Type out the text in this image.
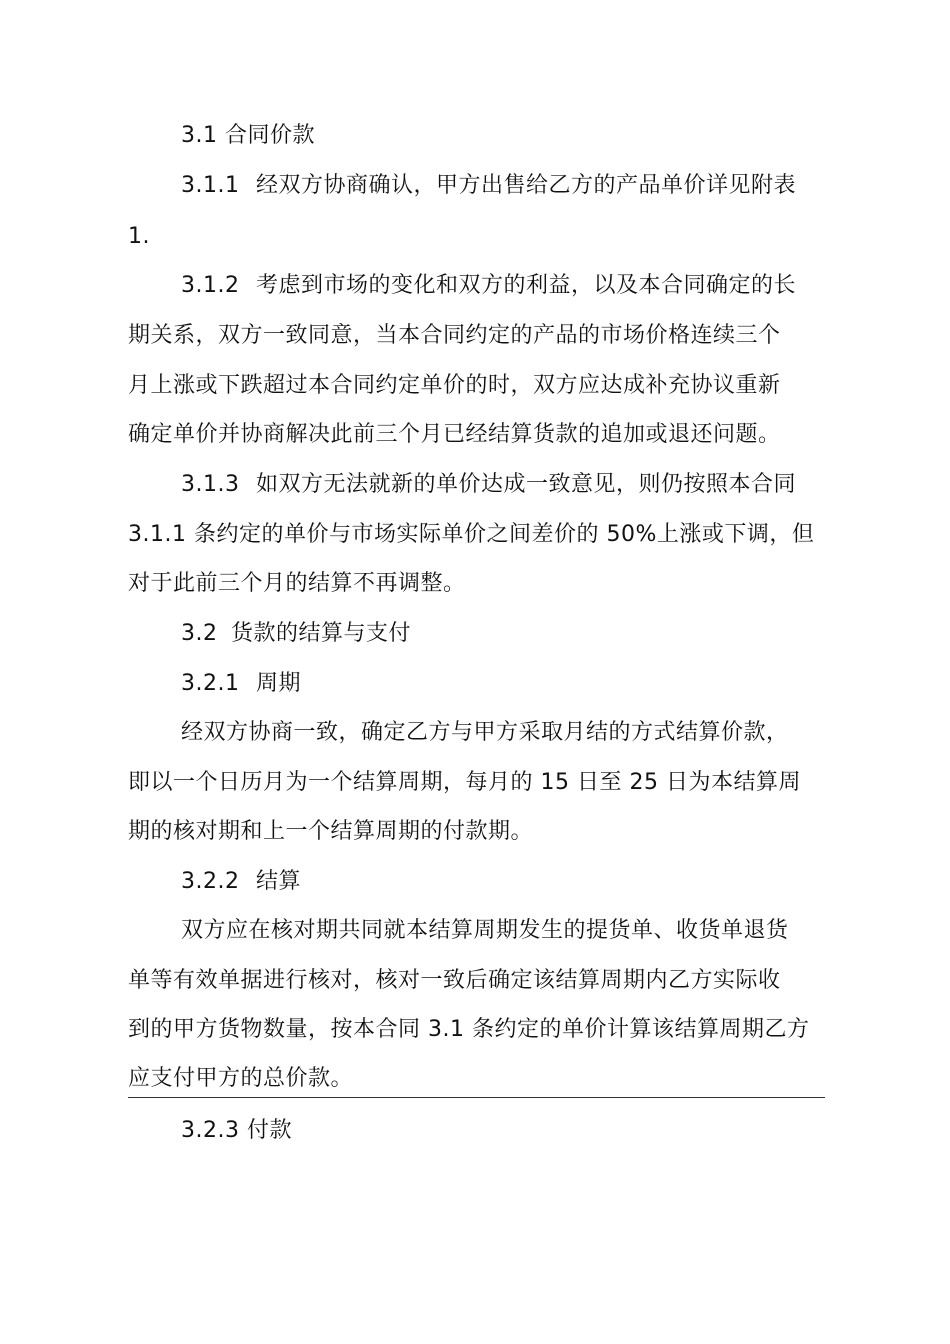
3.1 合同价款
3.1.1 经双方协商确认，甲方出售给乙方的产品单价详见附表
1.
3.1.2 考虑到市场的变化和双方的利益，以及本合同确定的长
期关系，双方一致同意，当本合同约定的产品的市场价格连续三个
月上涨或下跌超过本合同约定单价的时，双方应达成补充协议重新
确定单价并协商解决此前三个月已经结算货款的追加或退还问题。
3.1.3 如双方无法就新的单价达成一致意见，则仍按照本合同
3.1.1 条约定的单价与市场实际单价之间差价的 50%上涨或下调，但
对于此前三个月的结算不再调整。
3.2 货款的结算与支付
3.2.1 周期
经双方协商一致，确定乙方与甲方采取月结的方式结算价款，
即以一个日历月为一个结算周期，每月的 15 日至 25 日为本结算周
期的核对期和上一个结算周期的付款期。
3.2.2 结算
双方应在核对期共同就本结算周期发生的提货单、收货单退货
单等有效单据进行核对，核对一致后确定该结算周期内乙方实际收
到的甲方货物数量，按本合同 3.1 条约定的单价计算该结算周期乙方
应支付甲方的总价款。
3.2.3 付款
